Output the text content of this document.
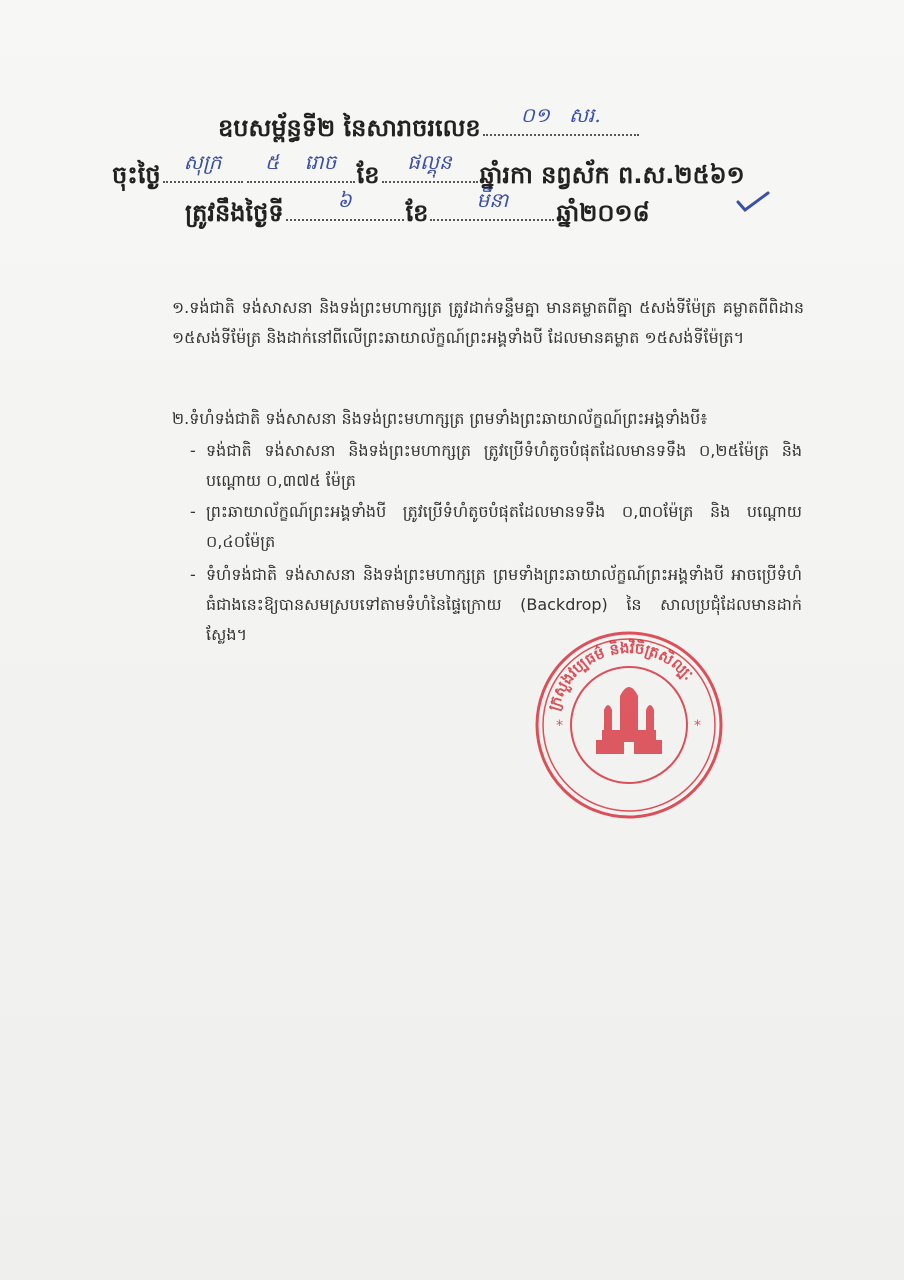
ឧបសម្ព័ន្ធទី២ នៃសារាចរលេខ ០១ សរ.
ចុះថ្ងៃ សុក្រ ៥ រោច ខែ ផល្គុន ឆ្នាំរកា នព្វស័ក ព.ស.២៥៦១
ត្រូវនឹងថ្ងៃទី	៦ ខែ មីនា ឆ្នាំ២០១៨
១.ទង់ជាតិ ទង់សាសនា និងទង់ព្រះមហាក្សត្រ ត្រូវដាក់ទន្ទឹមគ្នា មានគម្លាតពីគ្នា ៥សង់ទីម៉ែត្រ គម្លាតពីពិដាន ១៥សង់ទីម៉ែត្រ និងដាក់នៅពីលើព្រះឆាយាល័ក្ខណ៍ព្រះអង្គទាំងបី ដែលមានគម្លាត ១៥សង់ទីម៉ែត្រ។
២.ទំហំទង់ជាតិ ទង់សាសនា និងទង់ព្រះមហាក្សត្រ ព្រមទាំងព្រះឆាយាល័ក្ខណ៍ព្រះអង្គទាំងបី៖
- ទង់ជាតិ ទង់សាសនា និងទង់ព្រះមហាក្សត្រ ត្រូវប្រើទំហំតូចបំផុតដែលមានទទឹង ០,២៥ម៉ែត្រ និងបណ្ដោយ ០,៣៧៥ ម៉ែត្រ
- ព្រះឆាយាល័ក្ខណ៍ព្រះអង្គទាំងបី ត្រូវប្រើទំហំតូចបំផុតដែលមានទទឹង ០,៣០ម៉ែត្រ និង បណ្ដោយ ០,៤០ម៉ែត្រ
- ទំហំទង់ជាតិ ទង់សាសនា និងទង់ព្រះមហាក្សត្រ ព្រមទាំងព្រះឆាយាល័ក្ខណ៍ព្រះអង្គទាំងបី អាចប្រើទំហំធំជាងនេះឱ្យបានសមស្របទៅតាមទំហំនៃផ្ទៃក្រោយ (Backdrop) នៃ សាលប្រជុំដែលមានដាក់ស្លែង។
ក្រសួងវប្បធម៌ និងវិចិត្រសិល្បៈ
*	*
